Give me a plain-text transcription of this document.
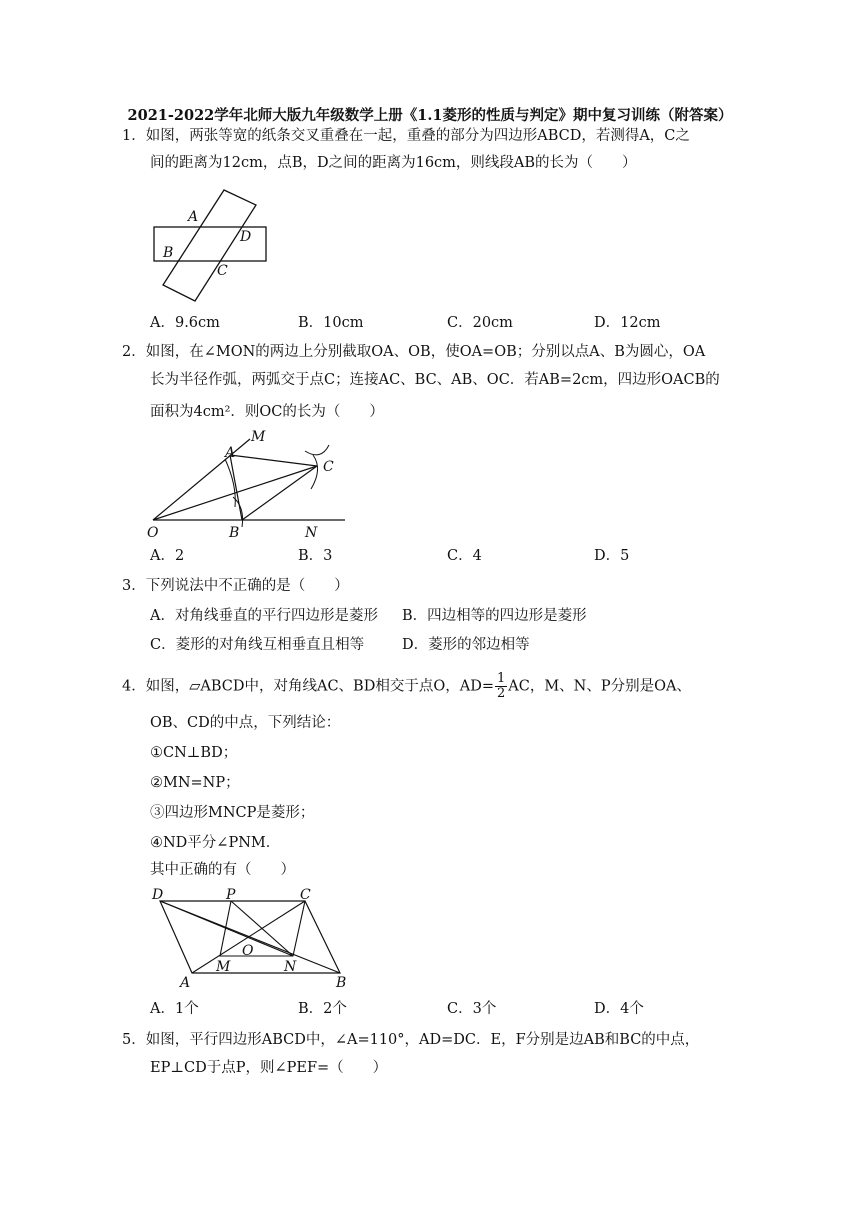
2021-2022学年北师大版九年级数学上册《1.1菱形的性质与判定》期中复习训练（附答案）
1．如图，两张等宽的纸条交叉重叠在一起，重叠的部分为四边形ABCD，若测得A，C之
间的距离为12cm，点B，D之间的距离为16cm，则线段AB的长为（　　）
A
B
C
D
A．9.6cm	B．10cm	C．20cm	D．12cm
2．如图，在∠MON的两边上分别截取OA、OB，使OA=OB；分别以点A、B为圆心，OA
长为半径作弧，两弧交于点C；连接AC、BC、AB、OC．若AB=2cm，四边形OACB的
面积为4cm²．则OC的长为（　　）
M
A
C
O	B	N
A．2	B．3	C．4	D．5
3．下列说法中不正确的是（　　）
A．对角线垂直的平行四边形是菱形 B．四边相等的四边形是菱形
C．菱形的对角线互相垂直且相等	D．菱形的邻边相等
4．如图，▱ABCD中，对角线AC、BD相交于点O，$AD= \frac{1}{2}$ AC，M、N、P分别是OA、
OB、CD的中点，下列结论：
①CN⊥BD；
②MN=NP；
③四边形MNCP是菱形；
④ND平分∠PNM．
其中正确的有（　　）
D	P	C
O
A
M	N
B
A．1个	B．2个	C．3个	D．4个
5．如图，平行四边形ABCD中，∠A=110°，AD=DC．E，F分别是边AB和BC的中点，
EP⊥CD于点P，则∠PEF=（　　）
